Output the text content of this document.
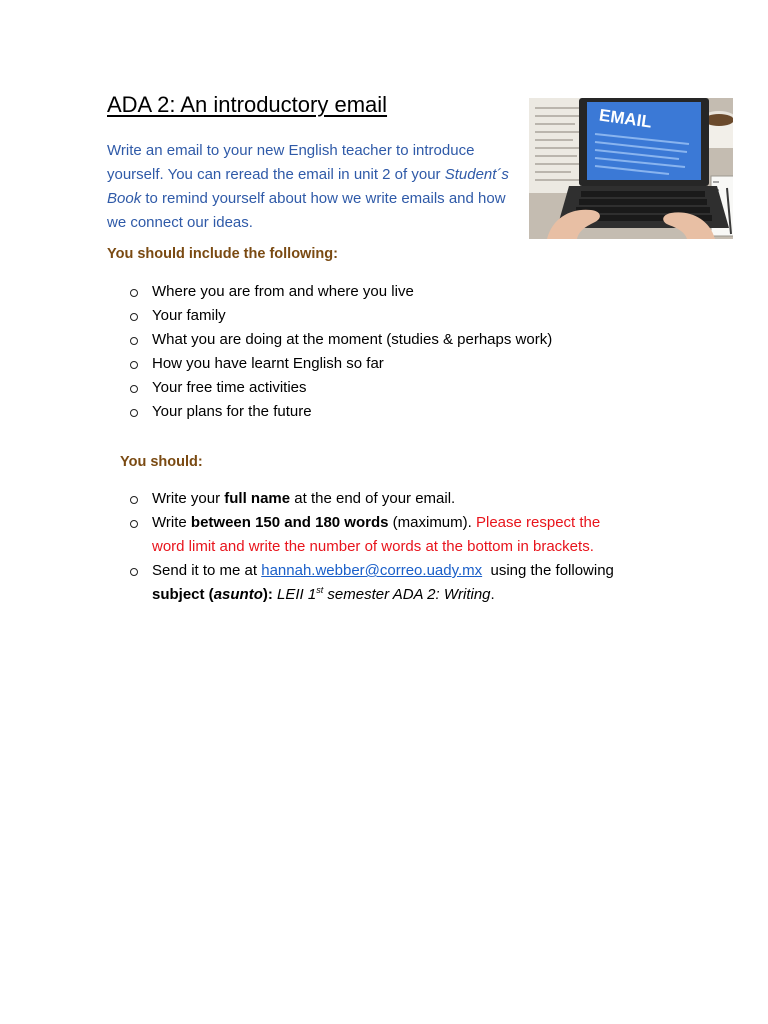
ADA 2: An introductory email
Write an email to your new English teacher to introduce yourself. You can reread the email in unit 2 of your Student´s Book to remind yourself about how we write emails and how we connect our ideas.
EMAIL
You should include the following:
Where you are from and where you live
Your family
What you are doing at the moment (studies & perhaps work)
How you have learnt English so far
Your free time activities
Your plans for the future
You should:
Write your full name at the end of your email.
Write between 150 and 180 words (maximum). Please respect the
word limit and write the number of words at the bottom in brackets.
Send it to me at hannah.webber@correo.uady.mx  using the following
subject (asunto): LEII 1st semester ADA 2: Writing.
